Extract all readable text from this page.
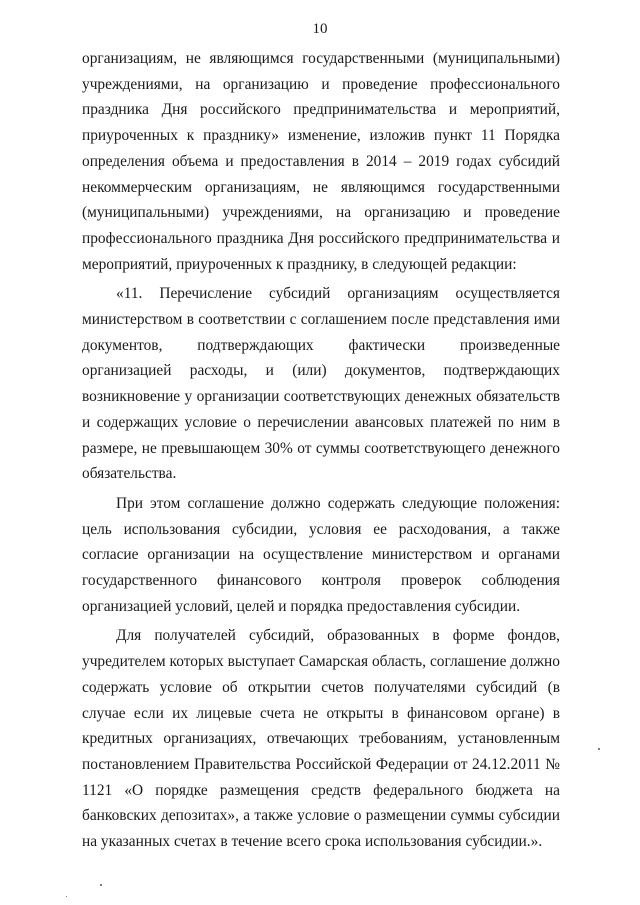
10

организациям, не являющимся государственными (муниципальными) учреждениями, на организацию и проведение профессионального праздника Дня российского предпринимательства и мероприятий, приуроченных к празднику» изменение, изложив пункт 11 Порядка определения объема и предоставления в 2014 – 2019 годах субсидий некоммерческим организациям, не являющимся государственными (муниципальными) учреждениями, на организацию и проведение профессионального праздника Дня российского предпринимательства и мероприятий, приуроченных к празднику, в следующей редакции:

«11. Перечисление субсидий организациям осуществляется министерством в соответствии с соглашением после представления ими документов, подтверждающих фактически произведенные организацией расходы, и (или) документов, подтверждающих возникновение у организации соответствующих денежных обязательств и содержащих условие о перечислении авансовых платежей по ним в размере, не превышающем 30% от суммы соответствующего денежного обязательства.

При этом соглашение должно содержать следующие положения: цель использования субсидии, условия ее расходования, а также согласие организации на осуществление министерством и органами государственного финансового контроля проверок соблюдения организацией условий, целей и порядка предоставления субсидии.

Для получателей субсидий, образованных в форме фондов, учредителем которых выступает Самарская область, соглашение должно содержать условие об открытии счетов получателями субсидий (в случае если их лицевые счета не открыты в финансовом органе) в кредитных организациях, отвечающих требованиям, установленным постановлением Правительства Российской Федерации от 24.12.2011 № 1121 «О порядке размещения средств федерального бюджета на банковских депозитах», а также условие о размещении суммы субсидии на указанных счетах в течение всего срока использования субсидии.».
